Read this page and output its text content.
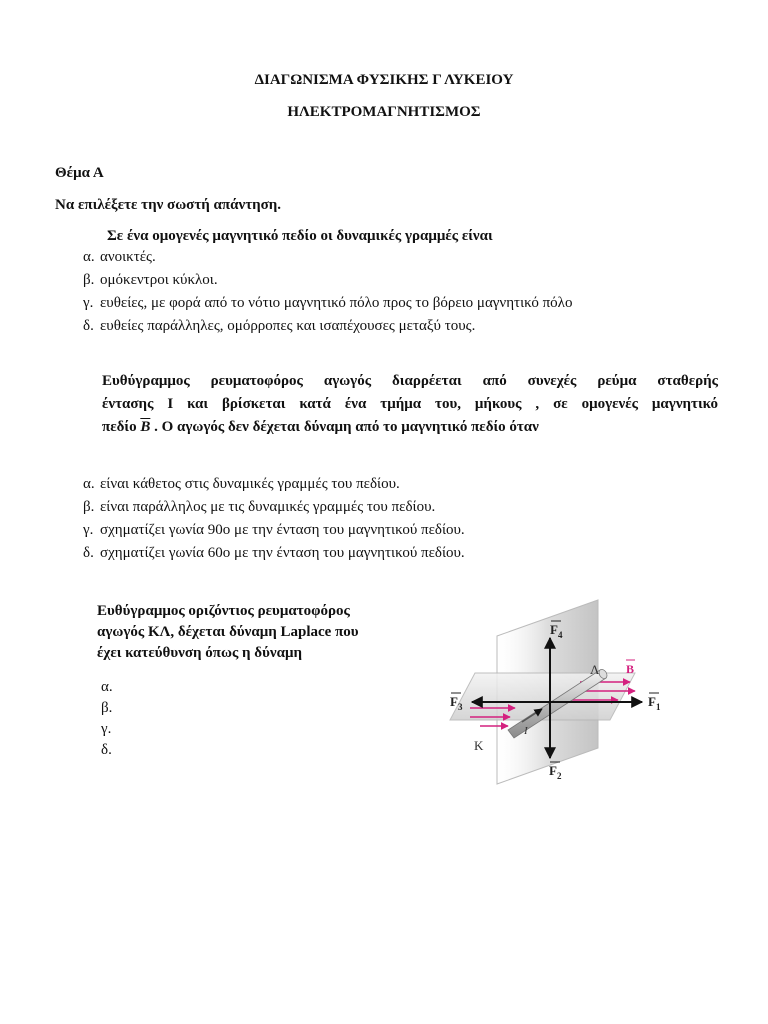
ΔΙΑΓΩΝΙΣΜΑ ΦΥΣΙΚΗΣ Γ ΛΥΚΕΙΟΥ
ΗΛΕΚΤΡΟΜΑΓΝΗΤΙΣΜΟΣ
Θέμα Α
Να επιλέξετε την σωστή απάντηση.
Σε ένα ομογενές μαγνητικό πεδίο οι δυναμικές γραμμές είναι
α. ανοικτές.
β. ομόκεντροι κύκλοι.
γ. ευθείες, με φορά από το νότιο μαγνητικό πόλο προς το βόρειο μαγνητικό πόλο
δ. ευθείες παράλληλες, ομόρροπες και ισαπέχουσες μεταξύ τους.
Ευθύγραμμος ρευματοφόρος αγωγός διαρρέεται από συνεχές ρεύμα σταθερής
έντασης Ι και βρίσκεται κατά ένα τμήμα του, μήκους , σε ομογενές μαγνητικό
πεδίο $\overline{B}$ . Ο αγωγός δεν δέχεται δύναμη από το μαγνητικό πεδίο όταν
α. είναι κάθετος στις δυναμικές γραμμές του πεδίου.
β. είναι παράλληλος με τις δυναμικές γραμμές του πεδίου.
γ. σχηματίζει γωνία 90ο με την ένταση του μαγνητικού πεδίου.
δ. σχηματίζει γωνία 60ο με την ένταση του μαγνητικού πεδίου.
Ευθύγραμμος οριζόντιος ρευματοφόρος
αγωγός ΚΛ, δέχεται δύναμη Laplace που
έχει κατεύθυνση όπως η δύναμη
α.
β.
γ.
δ.
F 4
F 2
F 1
F 3
B
Λ
Κ
I
